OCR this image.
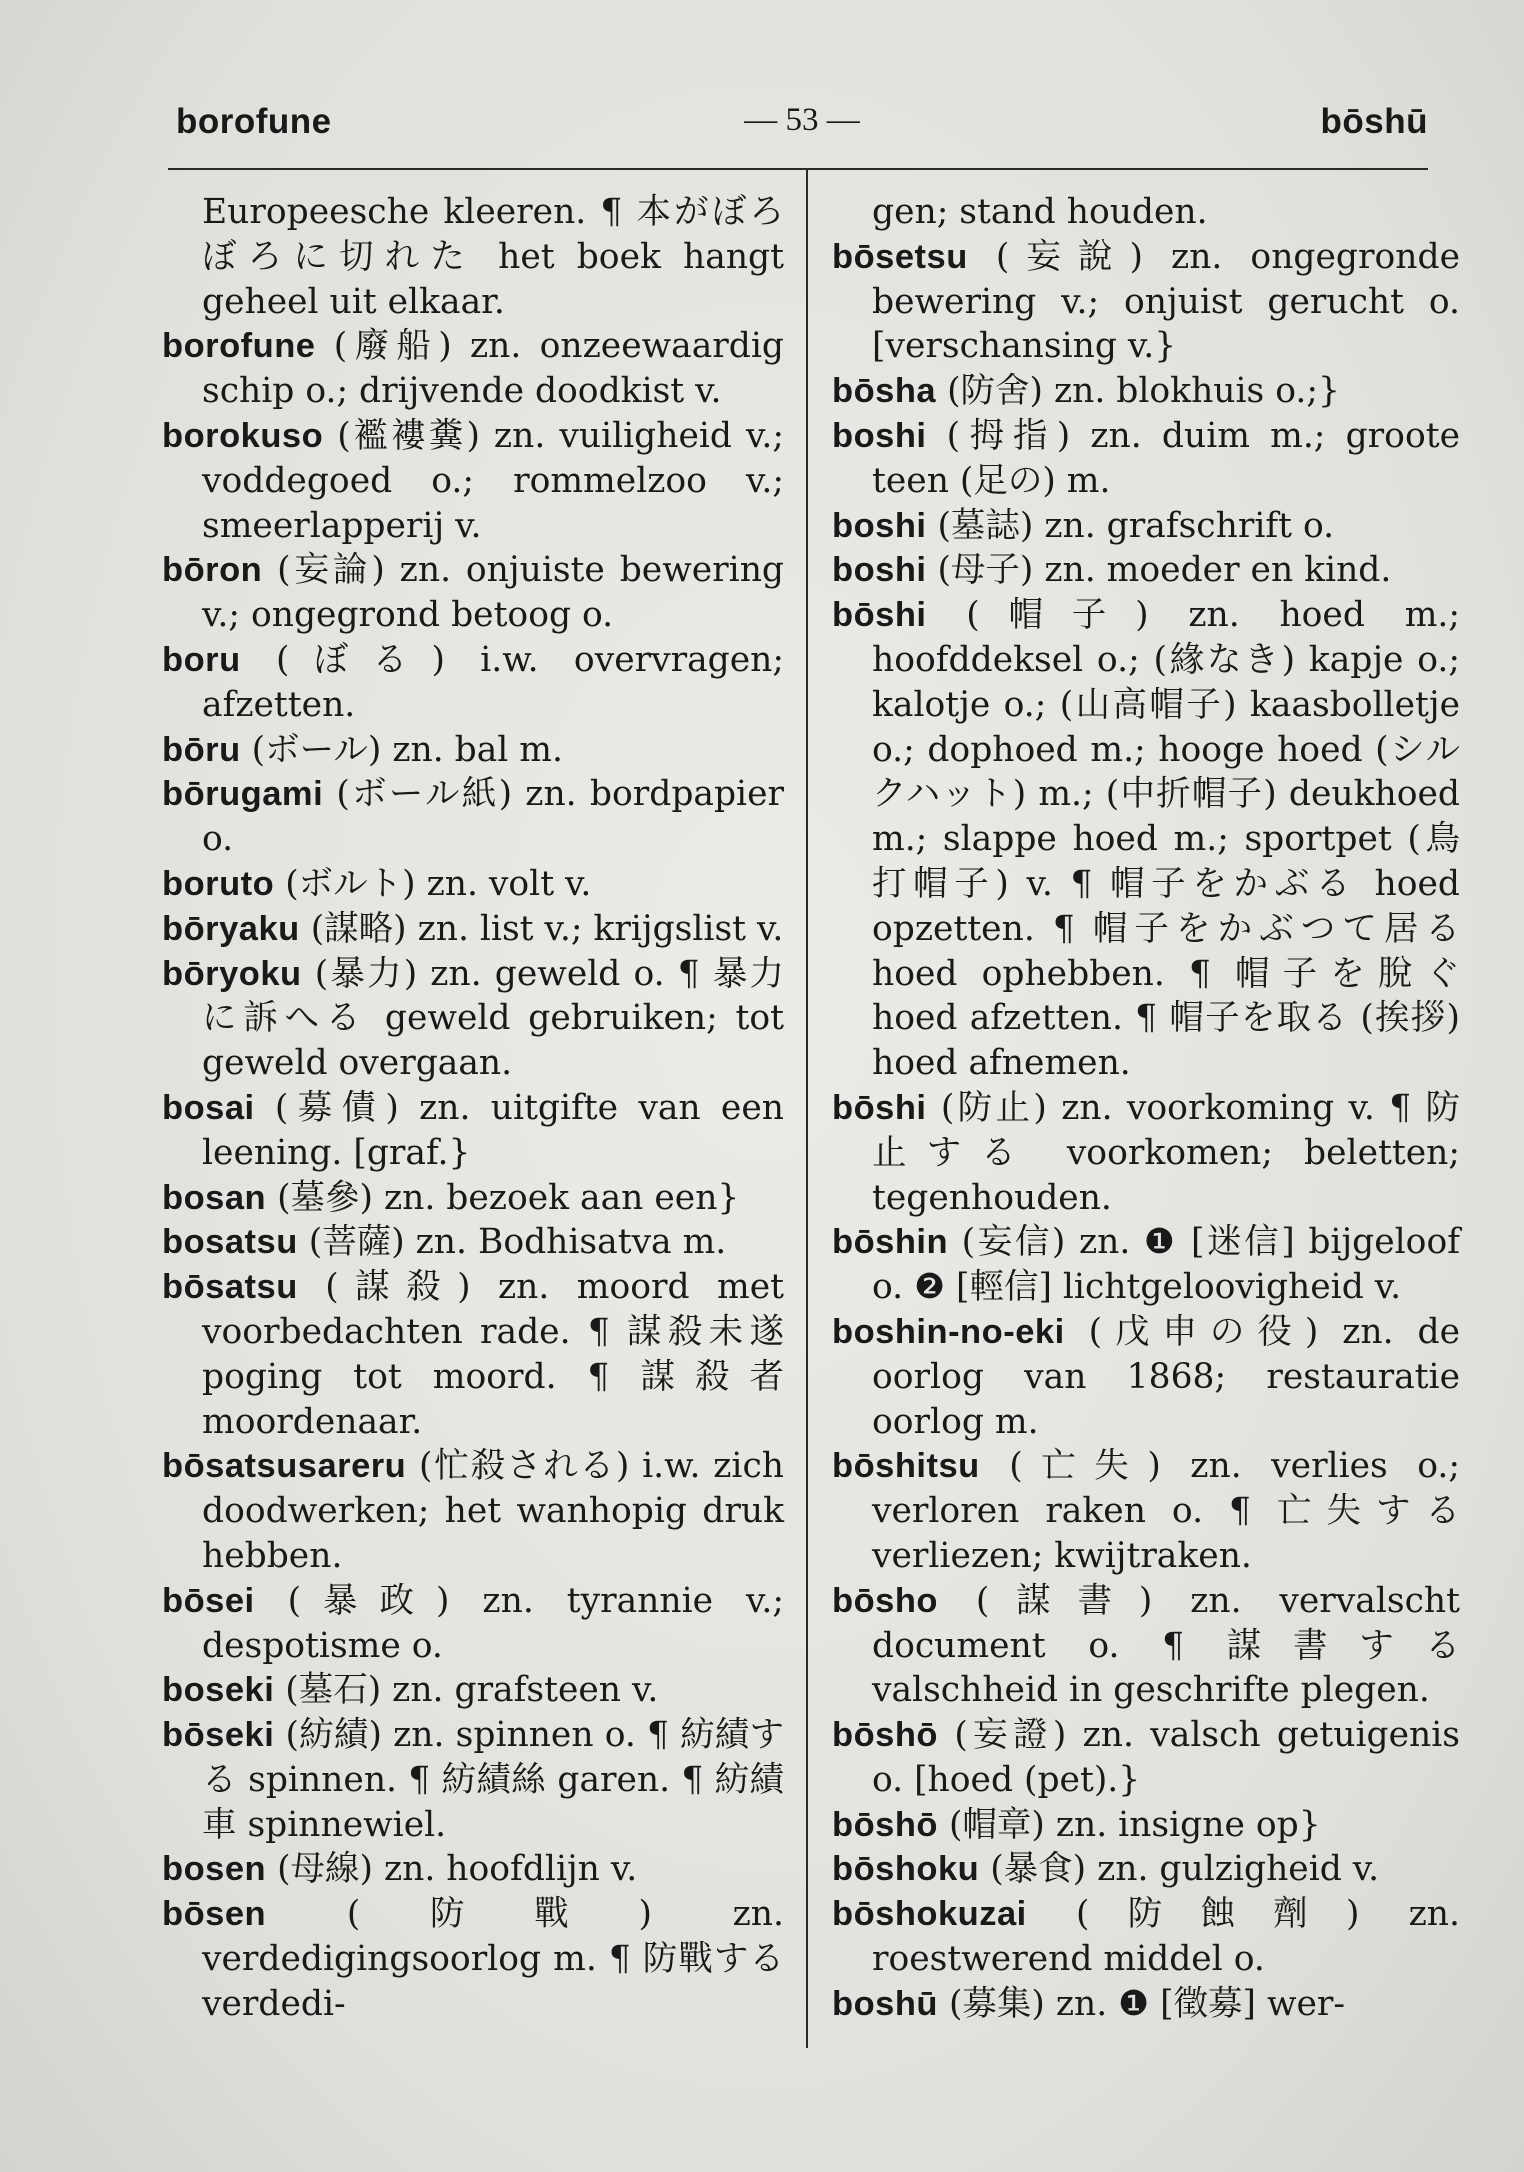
borofune	— 53 —	bōshū

Europeesche kleeren. ¶ 本がぼろぼろに切れた het boek hangt geheel uit elkaar.

borofune (廢船) zn. onzeewaardig schip o.; drijvende doodkist v.

borokuso (襤褸糞) zn. vuiligheid v.; voddegoed o.; rommelzoo v.; smeerlapperij v.

bōron (妄論) zn. onjuiste bewering v.; ongegrond betoog o.

boru (ぼる) i.w. overvragen; afzetten.

bōru (ボール) zn. bal m.

bōrugami (ボール紙) zn. bordpapier o.

boruto (ボルト) zn. volt v.

bōryaku (謀略) zn. list v.; krijgslist v.

bōryoku (暴力) zn. geweld o. ¶ 暴力に訴へる geweld gebruiken; tot geweld overgaan.

bosai (募債) zn. uitgifte van een leening. [graf.}

bosan (墓參) zn. bezoek aan een}

bosatsu (菩薩) zn. Bodhisatva m.

bōsatsu (謀殺) zn. moord met voorbedachten rade. ¶ 謀殺未遂 poging tot moord. ¶ 謀殺者 moordenaar.

bōsatsusareru (忙殺される) i.w. zich doodwerken; het wanhopig druk hebben.

bōsei (暴政) zn. tyrannie v.; despotisme o.

boseki (墓石) zn. grafsteen v.

bōseki (紡績) zn. spinnen o. ¶ 紡績する spinnen. ¶ 紡績絲 garen. ¶ 紡績車 spinnewiel.

bosen (母線) zn. hoofdlijn v.

bōsen (防戰) zn. verdedigingsoorlog m. ¶ 防戰する verdedi-

gen; stand houden.

bōsetsu (妄說) zn. ongegronde bewering v.; onjuist gerucht o. [verschansing v.}

bōsha (防舍) zn. blokhuis o.;}

boshi (拇指) zn. duim m.; groote teen (足の) m.

boshi (墓誌) zn. grafschrift o.

boshi (母子) zn. moeder en kind.

bōshi (帽子) zn. hoed m.; hoofddeksel o.; (緣なき) kapje o.; kalotje o.; (山高帽子) kaasbolletje o.; dophoed m.; hooge hoed (シルクハット) m.; (中折帽子) deukhoed m.; slappe hoed m.; sportpet (鳥打帽子) v. ¶ 帽子をかぶる hoed opzetten. ¶ 帽子をかぶつて居る hoed ophebben. ¶ 帽子を脫ぐ hoed afzetten. ¶ 帽子を取る (挨拶) hoed afnemen.

bōshi (防止) zn. voorkoming v. ¶ 防止する voorkomen; beletten; tegenhouden.

bōshin (妄信) zn. ❶ [迷信] bijgeloof o. ❷ [輕信] lichtgeloovigheid v.

boshin-no-eki (戊申の役) zn. de oorlog van 1868; restauratie oorlog m.

bōshitsu (亡失) zn. verlies o.; verloren raken o. ¶ 亡失する verliezen; kwijtraken.

bōsho (謀書) zn. vervalscht document o. ¶ 謀書する valschheid in geschrifte plegen.

bōshō (妄證) zn. valsch getuigenis o. [hoed (pet).}

bōshō (帽章) zn. insigne op}

bōshoku (暴食) zn. gulzigheid v.

bōshokuzai (防蝕劑) zn. roestwerend middel o.

boshū (募集) zn. ❶ [徵募] wer-
